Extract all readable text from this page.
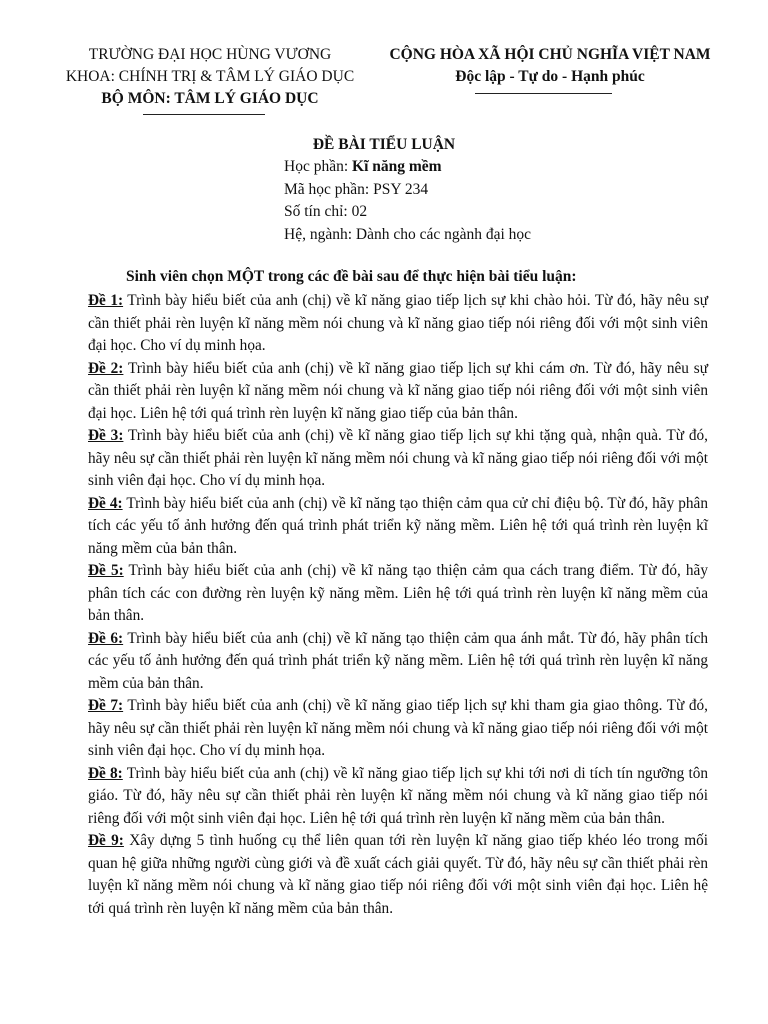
TRƯỜNG ĐẠI HỌC HÙNG VƯƠNG
KHOA: CHÍNH TRỊ & TÂM LÝ GIÁO DỤC
BỘ MÔN: TÂM LÝ GIÁO DỤC
CỘNG HÒA XÃ HỘI CHỦ NGHĨA VIỆT NAM
Độc lập - Tự do - Hạnh phúc
ĐỀ BÀI TIỂU LUẬN
Học phần: Kĩ năng mềm
Mã học phần: PSY 234
Số tín chỉ: 02
Hệ, ngành: Dành cho các ngành đại học
Sinh viên chọn MỘT trong các đề bài sau để thực hiện bài tiểu luận:

Đề 1: Trình bày hiểu biết của anh (chị) về kĩ năng giao tiếp lịch sự khi chào hỏi. Từ đó, hãy nêu sự cần thiết phải rèn luyện kĩ năng mềm nói chung và kĩ năng giao tiếp nói riêng đối với một sinh viên đại học. Cho ví dụ minh họa.

Đề 2: Trình bày hiểu biết của anh (chị) về kĩ năng giao tiếp lịch sự khi cám ơn. Từ đó, hãy nêu sự cần thiết phải rèn luyện kĩ năng mềm nói chung và kĩ năng giao tiếp nói riêng đối với một sinh viên đại học. Liên hệ tới quá trình rèn luyện kĩ năng giao tiếp của bản thân.

Đề 3: Trình bày hiểu biết của anh (chị) về kĩ năng giao tiếp lịch sự khi tặng quà, nhận quà. Từ đó, hãy nêu sự cần thiết phải rèn luyện kĩ năng mềm nói chung và kĩ năng giao tiếp nói riêng đối với một sinh viên đại học. Cho ví dụ minh họa.

Đề 4: Trình bày hiểu biết của anh (chị) về kĩ năng tạo thiện cảm qua cử chỉ điệu bộ. Từ đó, hãy phân tích các yếu tố ảnh hưởng đến quá trình phát triển kỹ năng mềm. Liên hệ tới quá trình rèn luyện kĩ năng mềm của bản thân.

Đề 5: Trình bày hiểu biết của anh (chị) về kĩ năng tạo thiện cảm qua cách trang điểm. Từ đó, hãy phân tích các con đường rèn luyện kỹ năng mềm. Liên hệ tới quá trình rèn luyện kĩ năng mềm của bản thân.

Đề 6: Trình bày hiểu biết của anh (chị) về kĩ năng tạo thiện cảm qua ánh mắt. Từ đó, hãy phân tích các yếu tố ảnh hưởng đến quá trình phát triển kỹ năng mềm. Liên hệ tới quá trình rèn luyện kĩ năng mềm của bản thân.

Đề 7: Trình bày hiểu biết của anh (chị) về kĩ năng giao tiếp lịch sự khi tham gia giao thông. Từ đó, hãy nêu sự cần thiết phải rèn luyện kĩ năng mềm nói chung và kĩ năng giao tiếp nói riêng đối với một sinh viên đại học. Cho ví dụ minh họa.

Đề 8: Trình bày hiểu biết của anh (chị) về kĩ năng giao tiếp lịch sự khi tới nơi di tích tín ngưỡng tôn giáo. Từ đó, hãy nêu sự cần thiết phải rèn luyện kĩ năng mềm nói chung và kĩ năng giao tiếp nói riêng đối với một sinh viên đại học. Liên hệ tới quá trình rèn luyện kĩ năng mềm của bản thân.

Đề 9: Xây dựng 5 tình huống cụ thể liên quan tới rèn luyện kĩ năng giao tiếp khéo léo trong mối quan hệ giữa những người cùng giới và đề xuất cách giải quyết. Từ đó, hãy nêu sự cần thiết phải rèn luyện kĩ năng mềm nói chung và kĩ năng giao tiếp nói riêng đối với một sinh viên đại học. Liên hệ tới quá trình rèn luyện kĩ năng mềm của bản thân.
